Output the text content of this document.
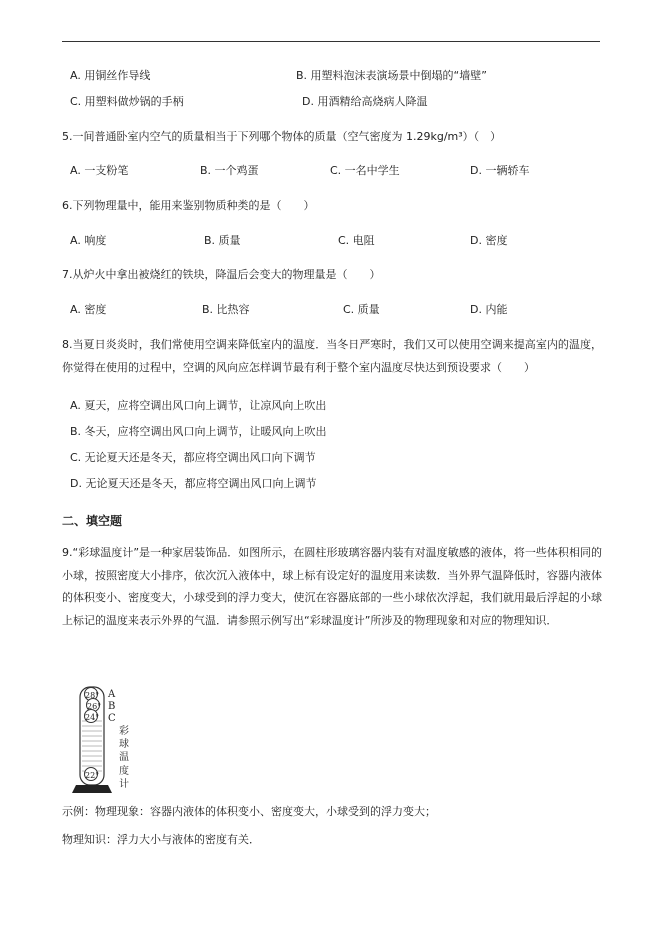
A. 用铜丝作导线	B. 用塑料泡沫表演场景中倒塌的“墙壁”
C. 用塑料做炒锅的手柄	D. 用酒精给高烧病人降温
5.一间普通卧室内空气的质量相当于下列哪个物体的质量（空气密度为 1.29kg/m³）（　）
A. 一支粉笔	B. 一个鸡蛋	C. 一名中学生	D. 一辆轿车
6.下列物理量中，能用来鉴别物质种类的是（　　）
A. 响度	B. 质量	C. 电阻	D. 密度
7.从炉火中拿出被烧红的铁块，降温后会变大的物理量是（　　）
A. 密度	B. 比热容	C. 质量	D. 内能
8.当夏日炎炎时，我们常使用空调来降低室内的温度．当冬日严寒时，我们又可以使用空调来提高室内的温度，你觉得在使用的过程中，空调的风向应怎样调节最有利于整个室内温度尽快达到预设要求（　　）
A. 夏天，应将空调出风口向上调节，让凉风向上吹出
B. 冬天，应将空调出风口向上调节，让暖风向上吹出
C. 无论夏天还是冬天，都应将空调出风口向下调节
D. 无论夏天还是冬天，都应将空调出风口向上调节
二、填空题
9.“彩球温度计”是一种家居装饰品．如图所示，在圆柱形玻璃容器内装有对温度敏感的液体，将一些体积相同的小球，按照密度大小排序，依次沉入液体中，球上标有设定好的温度用来读数．当外界气温降低时，容器内液体的体积变小、密度变大，小球受到的浮力变大，使沉在容器底部的一些小球依次浮起，我们就用最后浮起的小球上标记的温度来表示外界的气温．请参照示例写出“彩球温度计”所涉及的物理现象和对应的物理知识．
28°
26°
24°
22°
A
B
C
彩球温度计
示例：物理现象：容器内液体的体积变小、密度变大，小球受到的浮力变大；
物理知识：浮力大小与液体的密度有关．
